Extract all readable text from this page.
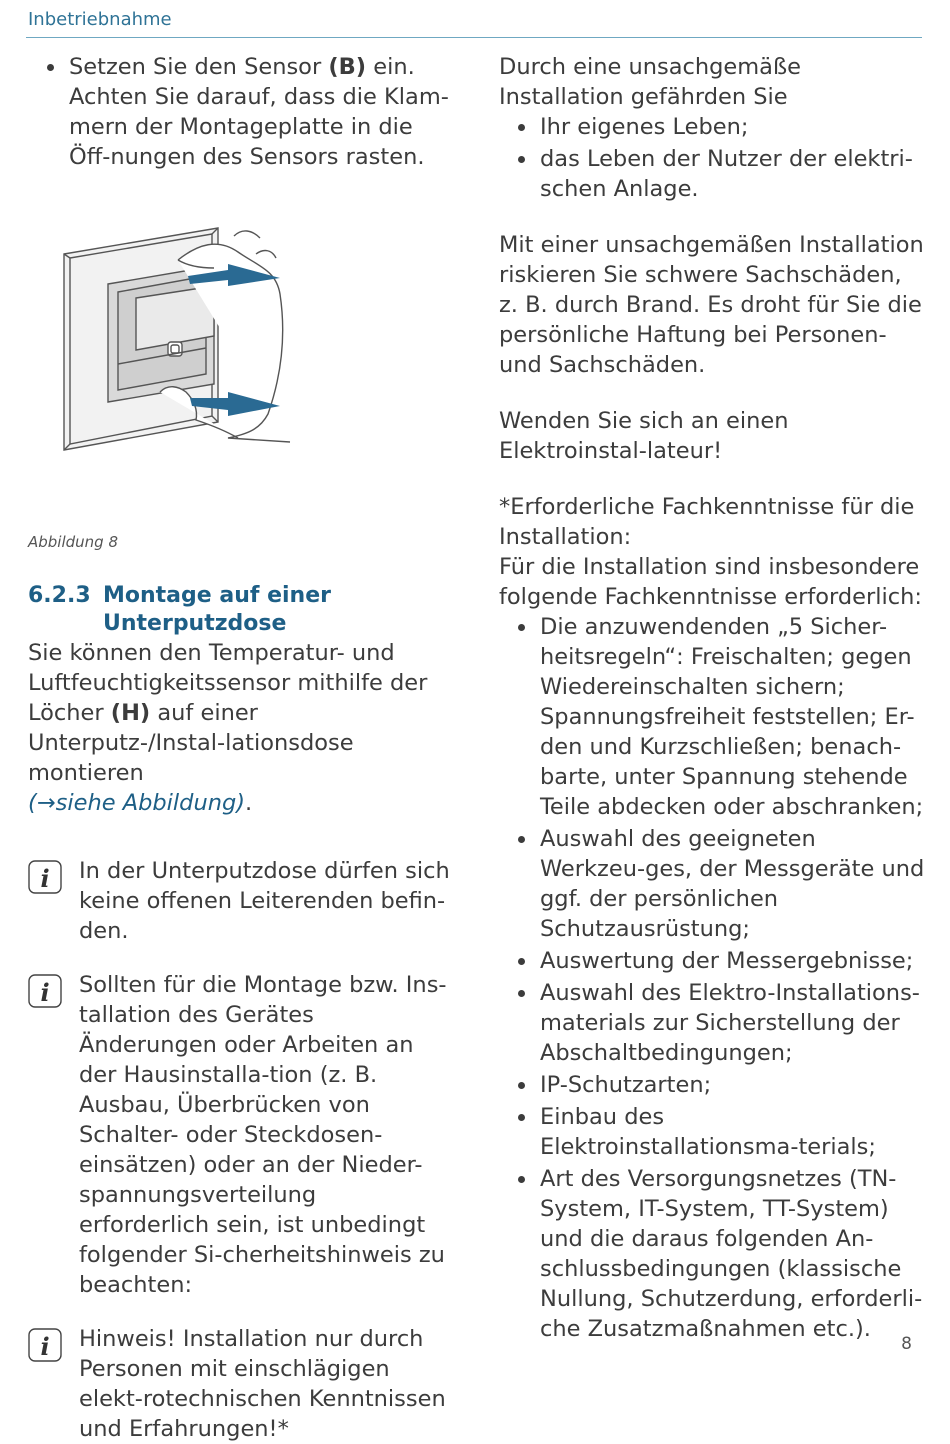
Inbetriebnahme
Setzen Sie den Sensor (B) ein. Achten Sie darauf, dass die Klam-mern der Montageplatte in die Öff-nungen des Sensors rasten.
Abbildung 8
6.2.3 Montage auf einer Unterputzdose

Sie können den Temperatur- und Luftfeuchtigkeitssensor mithilfe der Löcher (H) auf einer Unterputz-/Instal-lationsdose montieren
(→siehe Abbildung).

i In der Unterputzdose dürfen sich keine offenen Leiterenden befin-den.
i Sollten für die Montage bzw. Ins-tallation des Gerätes Änderungen oder Arbeiten an der Hausinstalla-tion (z. B. Ausbau, Überbrücken von Schalter- oder Steckdosen-einsätzen) oder an der Nieder-spannungsverteilung erforderlich sein, ist unbedingt folgender Si-cherheitshinweis zu beachten:
i Hinweis! Installation nur durch Personen mit einschlägigen elekt-rotechnischen Kenntnissen und Erfahrungen!*

Durch eine unsachgemäße Installation gefährden Sie

Ihr eigenes Leben;
das Leben der Nutzer der elektri-schen Anlage.

Mit einer unsachgemäßen Installation riskieren Sie schwere Sachschäden, z. B. durch Brand. Es droht für Sie die persönliche Haftung bei Personen-und Sachschäden.

Wenden Sie sich an einen Elektroinstal-lateur!

*Erforderliche Fachkenntnisse für die Installation:

Für die Installation sind insbesondere folgende Fachkenntnisse erforderlich:

Die anzuwendenden „5 Sicher-heitsregeln“: Freischalten; gegen Wiedereinschalten sichern; Spannungsfreiheit feststellen; Er-den und Kurzschließen; benach-barte, unter Spannung stehende Teile abdecken oder abschranken;
Auswahl des geeigneten Werkzeu-ges, der Messgeräte und ggf. der persönlichen Schutzausrüstung;
Auswertung der Messergebnisse;
Auswahl des Elektro-Installations-materials zur Sicherstellung der Abschaltbedingungen;
IP-Schutzarten;
Einbau des Elektroinstallationsma-terials;
Art des Versorgungsnetzes (TN-System, IT-System, TT-System) und die daraus folgenden An-schlussbedingungen (klassische Nullung, Schutzerdung, erforderli-che Zusatzmaßnahmen etc.).
8
